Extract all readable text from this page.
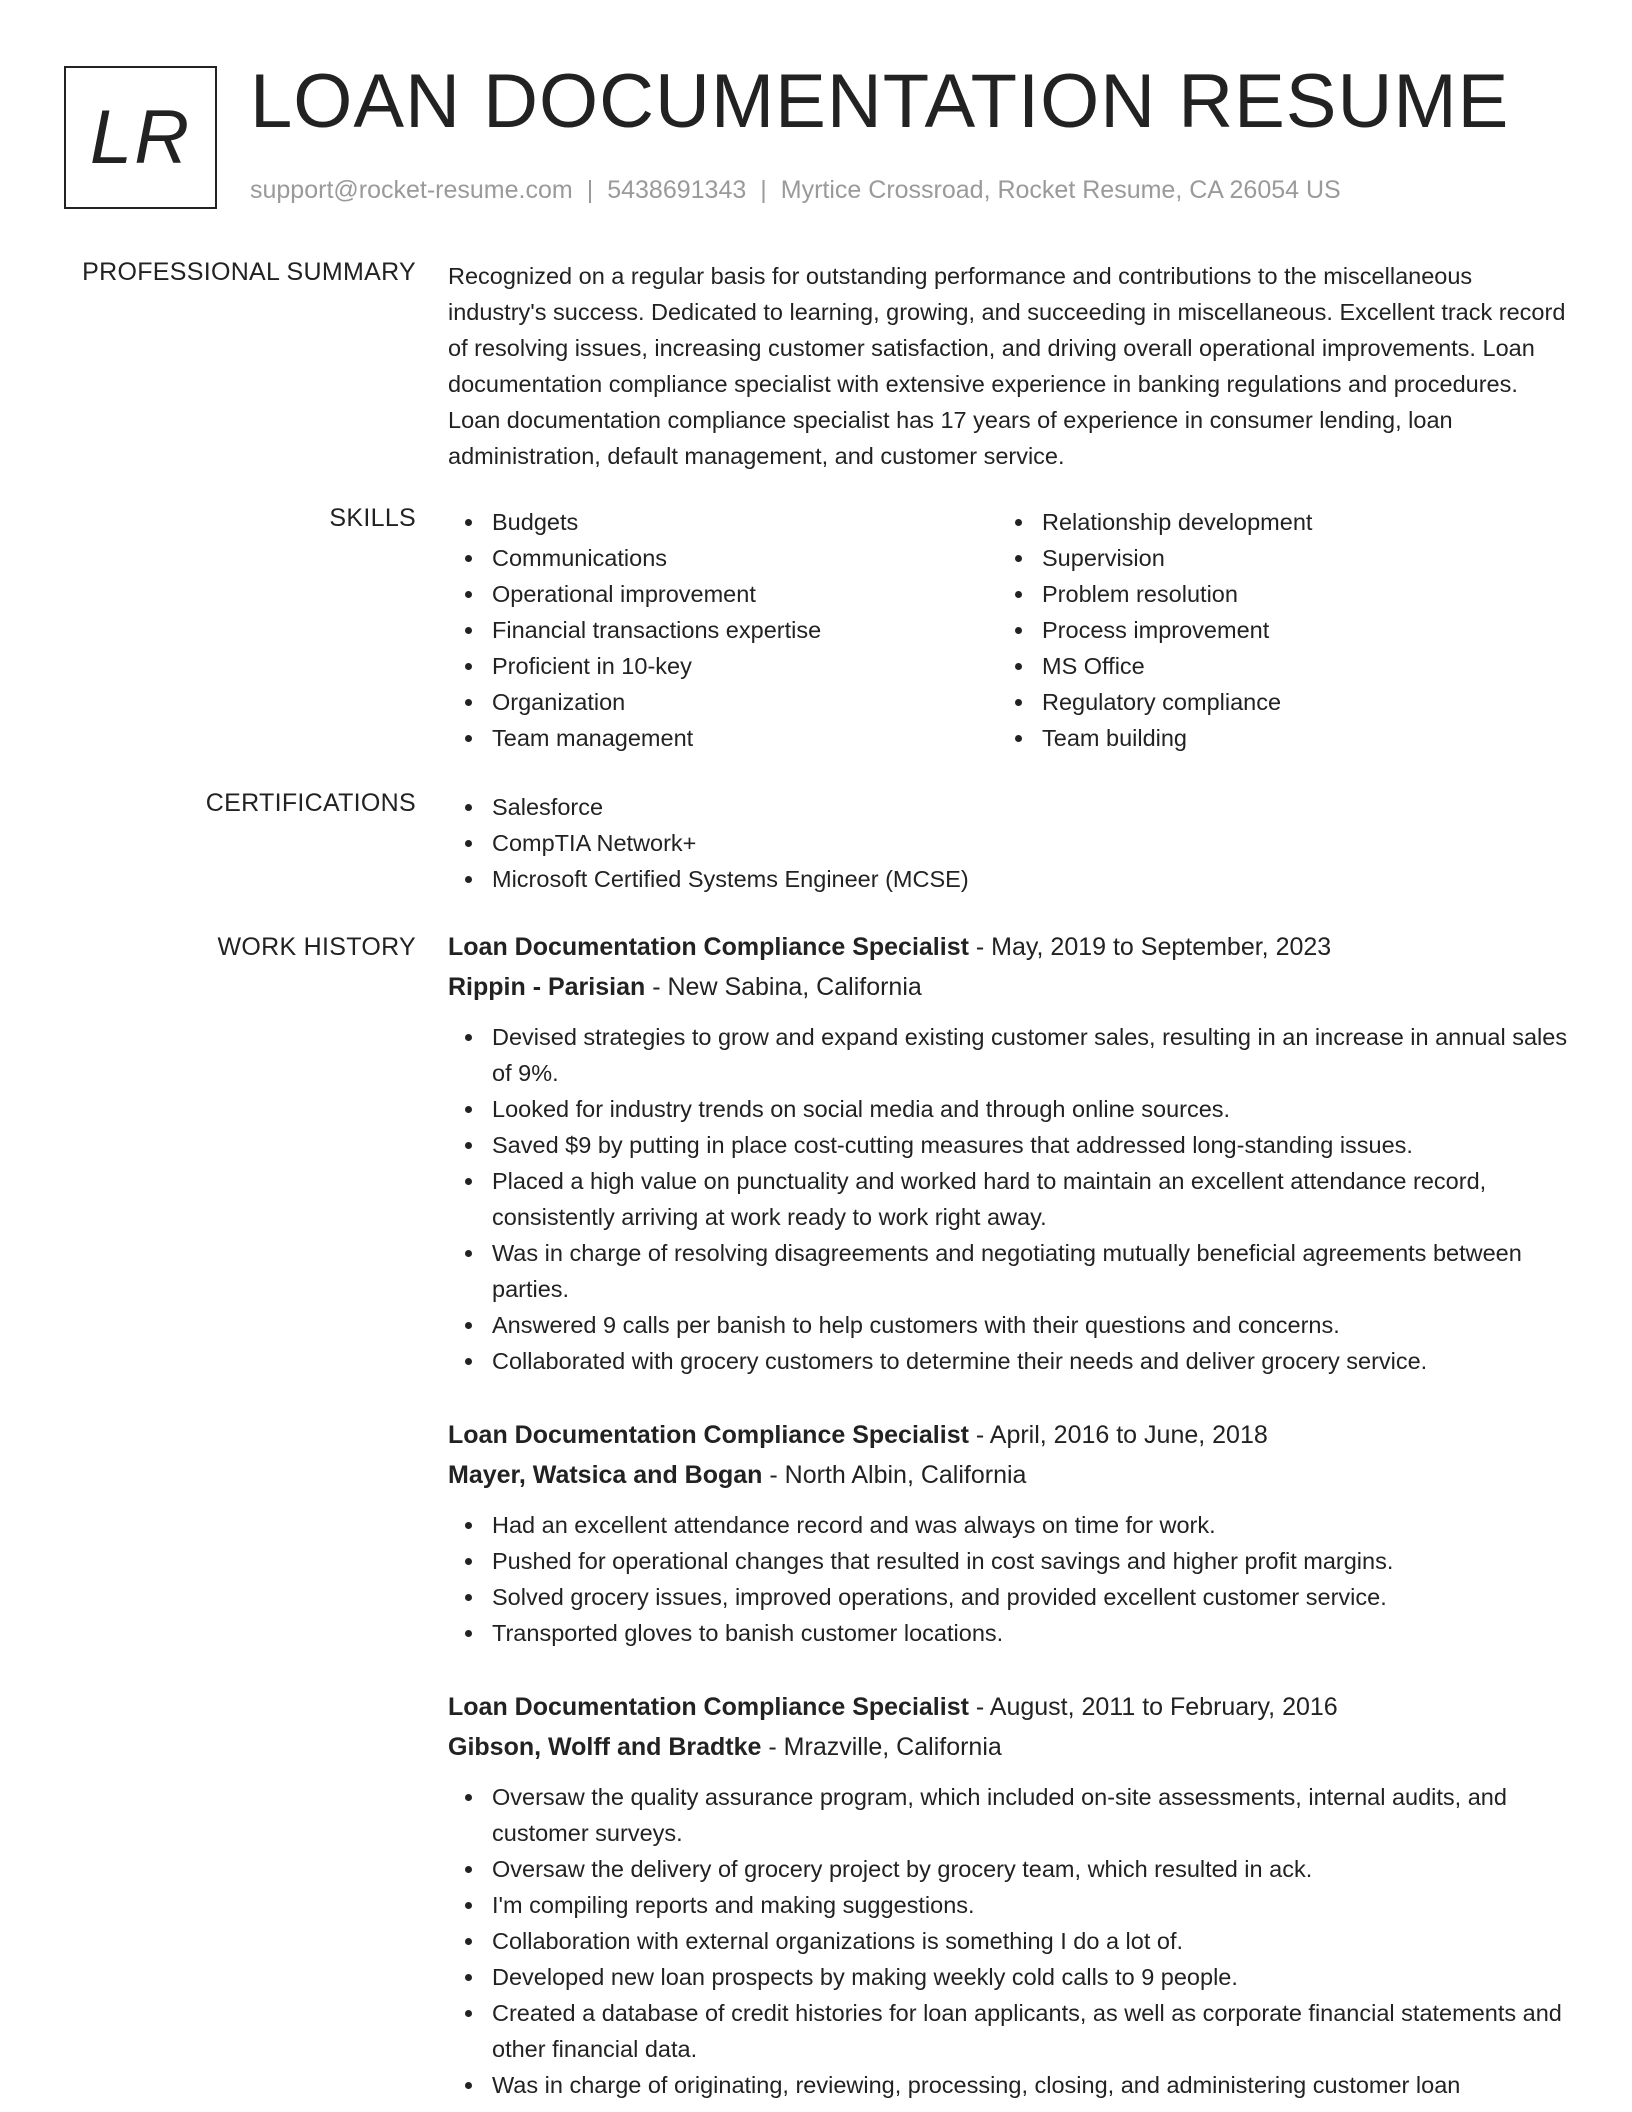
LR LOAN DOCUMENTATION RESUME
support@rocket-resume.com | 5438691343 | Myrtice Crossroad, Rocket Resume, CA 26054 US
PROFESSIONAL SUMMARY Recognized on a regular basis for outstanding performance and contributions to the miscellaneous industry's success. Dedicated to learning, growing, and succeeding in miscellaneous. Excellent track record of resolving issues, increasing customer satisfaction, and driving overall operational improvements. Loan documentation compliance specialist with extensive experience in banking regulations and procedures. Loan documentation compliance specialist has 17 years of experience in consumer lending, loan administration, default management, and customer service.
SKILLS	Budgets
Communications
Operational improvement
Financial transactions expertise
Proficient in 10-key
Organization
Team management
Relationship development
Supervision
Problem resolution
Process improvement
MS Office
Regulatory compliance
Team building
CERTIFICATIONS	Salesforce
CompTIA Network+
Microsoft Certified Systems Engineer (MCSE)
WORK HISTORY Loan Documentation Compliance Specialist - May, 2019 to September, 2023
Rippin - Parisian - New Sabina, California
Devised strategies to grow and expand existing customer sales, resulting in an increase in annual sales of 9%.
Looked for industry trends on social media and through online sources.
Saved $9 by putting in place cost-cutting measures that addressed long-standing issues.
Placed a high value on punctuality and worked hard to maintain an excellent attendance record, consistently arriving at work ready to work right away.
Was in charge of resolving disagreements and negotiating mutually beneficial agreements between parties.
Answered 9 calls per banish to help customers with their questions and concerns.
Collaborated with grocery customers to determine their needs and deliver grocery service.
Loan Documentation Compliance Specialist - April, 2016 to June, 2018
Mayer, Watsica and Bogan - North Albin, California
Had an excellent attendance record and was always on time for work.
Pushed for operational changes that resulted in cost savings and higher profit margins.
Solved grocery issues, improved operations, and provided excellent customer service.
Transported gloves to banish customer locations.
Loan Documentation Compliance Specialist - August, 2011 to February, 2016
Gibson, Wolff and Bradtke - Mrazville, California
Oversaw the quality assurance program, which included on-site assessments, internal audits, and customer surveys.
Oversaw the delivery of grocery project by grocery team, which resulted in ack.
I'm compiling reports and making suggestions.
Collaboration with external organizations is something I do a lot of.
Developed new loan prospects by making weekly cold calls to 9 people.
Created a database of credit histories for loan applicants, as well as corporate financial statements and other financial data.
Was in charge of originating, reviewing, processing, closing, and administering customer loan
